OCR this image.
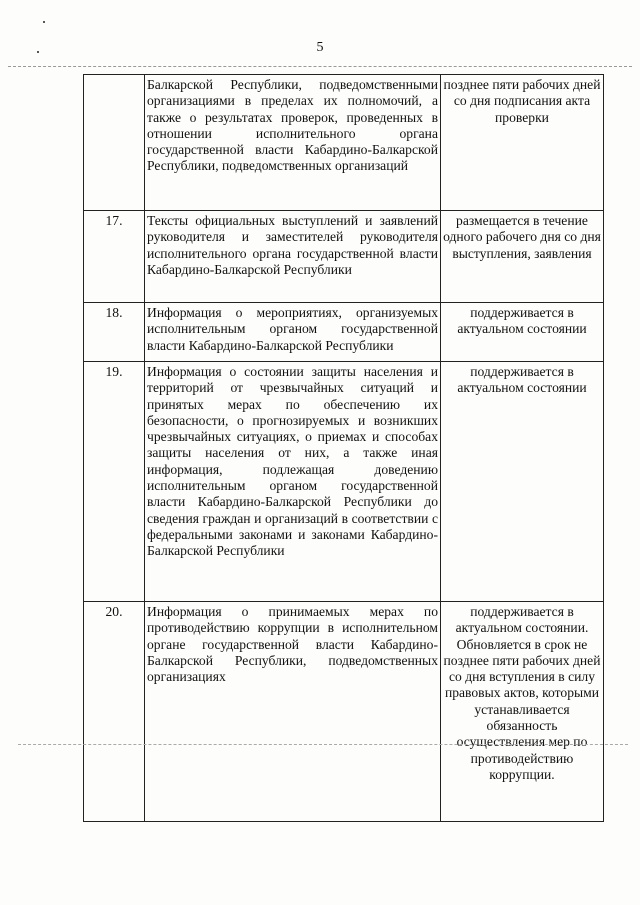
5
	Балкарской Республики, подведомственными организациями в пределах их полномочий, а также о результатах проверок, проведенных в отношении исполнительного органа государственной власти Кабардино-Балкарской Республики, подведомственных организаций	позднее пяти рабочих дней со дня подписания акта проверки
17.	Тексты официальных выступлений и заявлений руководителя и заместителей руководителя исполнительного органа государственной власти Кабардино-Балкарской Республики	размещается в течение одного рабочего дня со дня выступления, заявления
18.	Информация о мероприятиях, организуемых исполнительным органом государственной власти Кабардино-Балкарской Республики	поддерживается в актуальном состоянии
19.	Информация о состоянии защиты населения и территорий от чрезвычайных ситуаций и принятых мерах по обеспечению их безопасности, о прогнозируемых и возникших чрезвычайных ситуациях, о приемах и способах защиты населения от них, а также иная информация, подлежащая доведению исполнительным органом государственной власти Кабардино-Балкарской Республики до сведения граждан и организаций в соответствии с федеральными законами и законами Кабардино-Балкарской Республики	поддерживается в актуальном состоянии
20.	Информация о принимаемых мерах по противодействию коррупции в исполнительном органе государственной власти Кабардино-Балкарской Республики, подведомственных организациях	поддерживается в актуальном состоянии. Обновляется в срок не позднее пяти рабочих дней со дня вступления в силу правовых актов, которыми устанавливается обязанность осуществления мер по противодействию коррупции.
